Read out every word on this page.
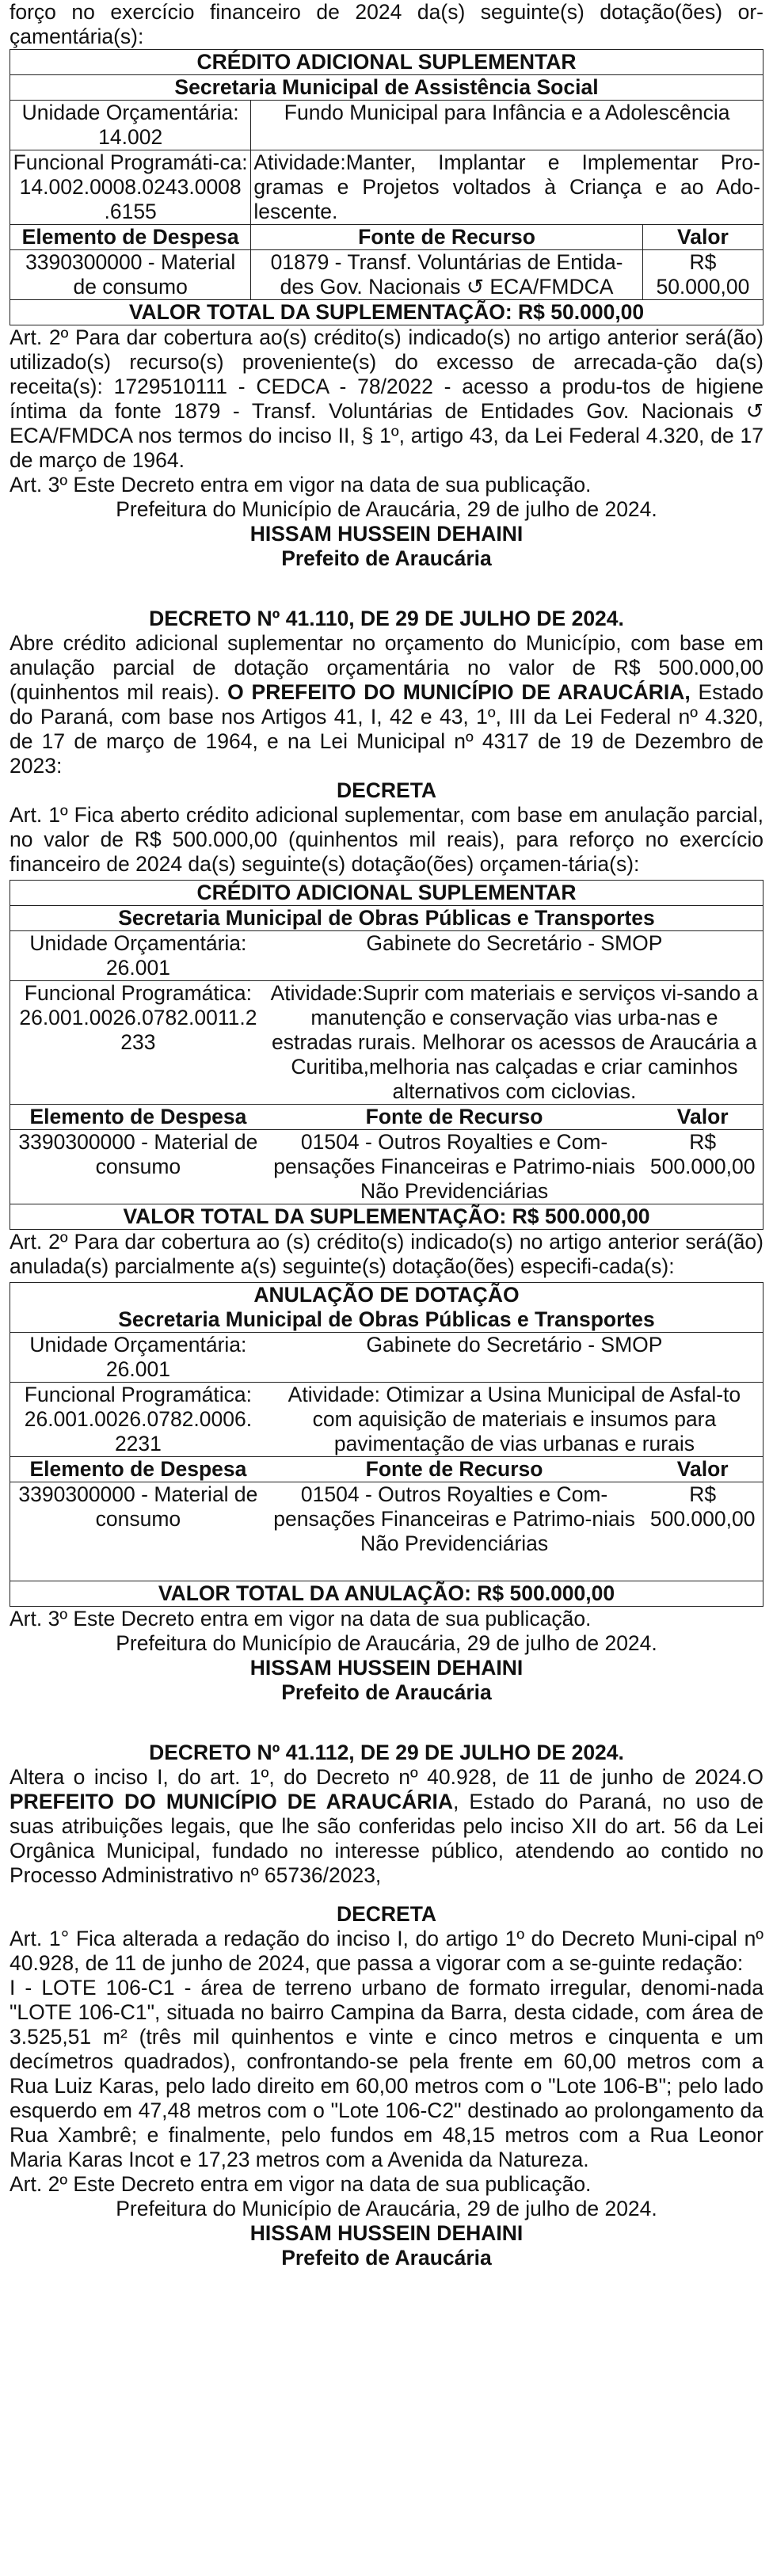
forço no exercício financeiro de 2024 da(s) seguinte(s) dotação(ões) or-çamentária(s):

CRÉDITO ADICIONAL SUPLEMENTAR		
Secretaria Municipal de Assistência Social		
Unidade Orçamentária: 14.002	Fundo Municipal para Infância e a Adolescência	
Funcional Programáti-ca: 14.002.0008.0243.0008 .6155	Atividade:Manter, Implantar e Implementar Pro-gramas e Projetos voltados à Criança e ao Ado-lescente.	
Elemento de Despesa	Fonte de Recurso	Valor
3390300000 - Material de consumo	01879 - Transf. Voluntárias de Entida-des Gov. Nacionais ↺ ECA/FMDCA	R$ 50.000,00
VALOR TOTAL DA SUPLEMENTAÇÃO: R$ 50.000,00		

Art. 2º Para dar cobertura ao(s) crédito(s) indicado(s) no artigo anterior será(ão) utilizado(s) recurso(s) proveniente(s) do excesso de arrecada-ção da(s) receita(s): 1729510111 - CEDCA - 78/2022 - acesso a produ-tos de higiene íntima da fonte 1879 - Transf. Voluntárias de Entidades Gov. Nacionais ↺ ECA/FMDCA nos termos do inciso II, § 1º, artigo 43, da Lei Federal 4.320, de 17 de março de 1964.

Art. 3º Este Decreto entra em vigor na data de sua publicação.

Prefeitura do Município de Araucária, 29 de julho de 2024.

HISSAM HUSSEIN DEHAINI

Prefeito de Araucária

DECRETO Nº 41.110, DE 29 DE JULHO DE 2024.

Abre crédito adicional suplementar no orçamento do Município, com base em anulação parcial de dotação orçamentária no valor de R$ 500.000,00 (quinhentos mil reais). O PREFEITO DO MUNICÍPIO DE ARAUCÁRIA, Estado do Paraná, com base nos Artigos 41, I, 42 e 43, 1º, III da Lei Federal nº 4.320, de 17 de março de 1964, e na Lei Municipal nº 4317 de 19 de Dezembro de 2023:

DECRETA

Art. 1º Fica aberto crédito adicional suplementar, com base em anulação parcial, no valor de R$ 500.000,00 (quinhentos mil reais), para reforço no exercício financeiro de 2024 da(s) seguinte(s) dotação(ões) orçamen-tária(s):

CRÉDITO ADICIONAL SUPLEMENTAR		
Secretaria Municipal de Obras Públicas e Transportes		
Unidade Orçamentária: 26.001	Gabinete do Secretário - SMOP	
Funcional Programática: 26.001.0026.0782.0011.2 233	Atividade:Suprir com materiais e serviços vi-sando a manutenção e conservação vias urba-nas e estradas rurais. Melhorar os acessos de Araucária a Curitiba,melhoria nas calçadas e criar caminhos alternativos com ciclovias.	
Elemento de Despesa	Fonte de Recurso	Valor
3390300000 - Material de consumo	01504 - Outros Royalties e Com-pensações Financeiras e Patrimo-niais Não Previdenciárias	R$ 500.000,00
VALOR TOTAL DA SUPLEMENTAÇÃO: R$ 500.000,00		

Art. 2º Para dar cobertura ao (s) crédito(s) indicado(s) no artigo anterior será(ão) anulada(s) parcialmente a(s) seguinte(s) dotação(ões) especifi-cada(s):

ANULAÇÃO DE DOTAÇÃO		
Secretaria Municipal de Obras Públicas e Transportes		
Unidade Orçamentária: 26.001	Gabinete do Secretário - SMOP	
Funcional Programática: 26.001.0026.0782.0006. 2231	Atividade: Otimizar a Usina Municipal de Asfal-to com aquisição de materiais e insumos para pavimentação de vias urbanas e rurais	
Elemento de Despesa	Fonte de Recurso	Valor
3390300000 - Material de consumo	01504 - Outros Royalties e Com-pensações Financeiras e Patrimo-niais Não Previdenciárias	R$ 500.000,00
VALOR TOTAL DA ANULAÇÃO: R$ 500.000,00		

Art. 3º Este Decreto entra em vigor na data de sua publicação.

Prefeitura do Município de Araucária, 29 de julho de 2024.

HISSAM HUSSEIN DEHAINI

Prefeito de Araucária

DECRETO Nº 41.112, DE 29 DE JULHO DE 2024.

Altera o inciso I, do art. 1º, do Decreto nº 40.928, de 11 de junho de 2024.O PREFEITO DO MUNICÍPIO DE ARAUCÁRIA, Estado do Paraná, no uso de suas atribuições legais, que lhe são conferidas pelo inciso XII do art. 56 da Lei Orgânica Municipal, fundado no interesse público, atendendo ao contido no Processo Administrativo nº 65736/2023,

DECRETA

Art. 1° Fica alterada a redação do inciso I, do artigo 1º do Decreto Muni-cipal nº 40.928, de 11 de junho de 2024, que passa a vigorar com a se-guinte redação:

I - LOTE 106-C1 - área de terreno urbano de formato irregular, denomi-nada "LOTE 106-C1", situada no bairro Campina da Barra, desta cidade, com área de 3.525,51 m² (três mil quinhentos e vinte e cinco metros e cinquenta e um decímetros quadrados), confrontando-se pela frente em 60,00 metros com a Rua Luiz Karas, pelo lado direito em 60,00 metros com o "Lote 106-B"; pelo lado esquerdo em 47,48 metros com o "Lote 106-C2" destinado ao prolongamento da Rua Xambrê; e finalmente, pelo fundos em 48,15 metros com a Rua Leonor Maria Karas Incot e 17,23 metros com a Avenida da Natureza.

Art. 2º Este Decreto entra em vigor na data de sua publicação.

Prefeitura do Município de Araucária, 29 de julho de 2024.

HISSAM HUSSEIN DEHAINI

Prefeito de Araucária
